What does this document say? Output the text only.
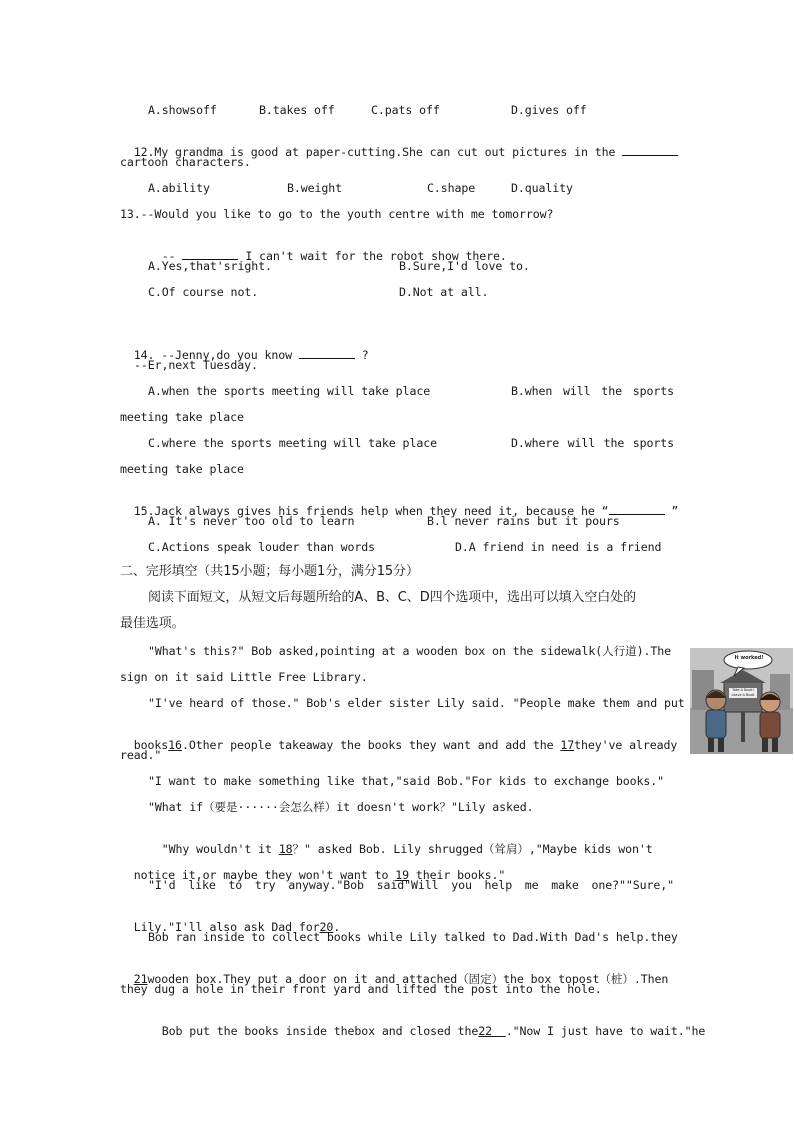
A.showsoff	B.takes off	C.pats off	D.gives off

12.My grandma is good at paper-cutting.She can cut out pictures in the

cartoon characters.
A.ability	B.weight	C.shape	D.quality
13.--Would you like to go to the youth centre with me tomorrow?

--	I can't wait for the robot show there.

A.Yes,that'sright.	B.Sure,I'd love to.
C.Of course not.	D.Not at all.

14. --Jenny,do you know	?

--Er,next Tuesday.
A.when the sports meeting will take place	B.when will the sports
meeting take place
C.where the sports meeting will take place	D.where will the sports
meeting take place

15.Jack always gives his friends help when they need it, because he “	”

A. It's never too old to learn	B.l never rains but it pours
C.Actions speak louder than words	D.A friend in need is a friend
二、完形填空（共15小题；每小题1分，满分15分）
阅读下面短文，从短文后每题所给的A、B、C、D四个选项中，选出可以填入空白处的
最佳选项。
"What's this?" Bob asked,pointing at a wooden box on the sidewalk(人行道).The
sign on it said Little Free Library.
"I've heard of those." Bob's elder sister Lily said. "People make them and put

books16.Other people takeaway the books they want and add the 17they've already

read."
"I want to make something like that,"said Bob."For kids to exchange books."
"What if（要是······会怎么样）it doesn't work？"Lily asked.

"Why wouldn't it 18？" asked Bob. Lily shrugged（耸肩）,"Maybe kids won't

notice it,or maybe they won't want to 19 their books."

"I'd like to try anyway."Bob said"Will you help me make one?""Sure,"

Lily."I'll also ask Dad for20.

Bob ran inside to collect books while Lily talked to Dad.With Dad's help.they

21wooden box.They put a door on it and attached（固定）the box topost（桩）.Then

they dug a hole in their front yard and lifted the post into the hole.

Bob put the books inside thebox and closed the22  ."Now I just have to wait."he

It worked!
Take A Book!
Leave A Book
